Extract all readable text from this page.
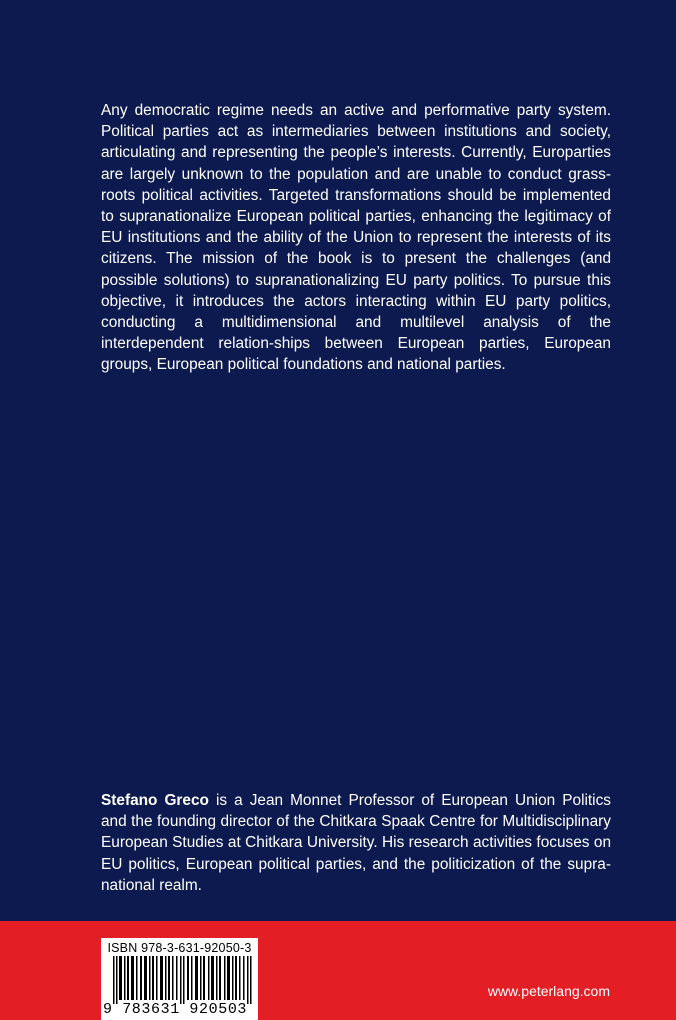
Any democratic regime needs an active and performative party system. Political parties act as intermediaries between institutions and society, articulating and representing the people’s interests. Currently, Europarties are largely unknown to the population and are unable to conduct grass-roots political activities. Targeted transformations should be implemented to supranationalize European political parties, enhancing the legitimacy of EU institutions and the ability of the Union to represent the interests of its citizens. The mission of the book is to present the challenges (and possible solutions) to supranationalizing EU party politics. To pursue this objective, it introduces the actors interacting within EU party politics, conducting a multidimensional and multilevel analysis of the interdependent relation-ships between European parties, European groups, European political foundations and national parties.

Stefano Greco is a Jean Monnet Professor of European Union Politics and the founding director of the Chitkara Spaak Centre for Multidisciplinary European Studies at Chitkara University. His research activities focuses on EU politics, European political parties, and the politicization of the supra-national realm.

ISBN 978-3-631-92050-3
9 783631 920503
www.peterlang.com
